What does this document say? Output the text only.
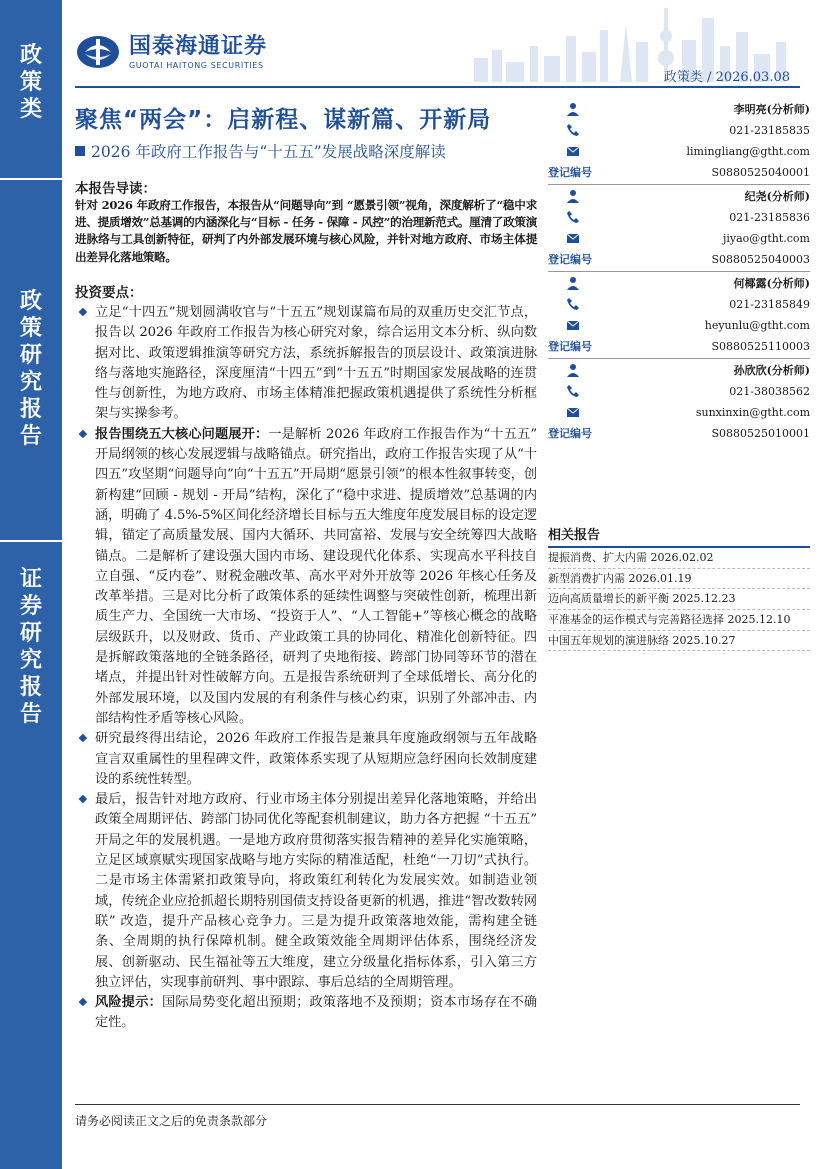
政
策
类
政
策
研
究
报
告
证
券
研
究
报
告
国泰海通证券
GUOTAI HAITONG SECURITIES
政策类 / 2026.03.08
聚焦“两会”：启新程、谋新篇、开新局
2026 年政府工作报告与“十五五”发展战略深度解读
本报告导读：
针对 2026 年政府工作报告，本报告从“问题导向”到 “愿景引领”视角，深度解析了“稳中求进、提质增效”总基调的内涵深化与“目标 - 任务 - 保障 - 风控”的治理新范式。厘清了政策演进脉络与工具创新特征，研判了内外部发展环境与核心风险，并针对地方政府、市场主体提出差异化落地策略。
投资要点：
立足“十四五”规划圆满收官与“十五五”规划谋篇布局的双重历史交汇节点，报告以 2026 年政府工作报告为核心研究对象，综合运用文本分析、纵向数据对比、政策逻辑推演等研究方法，系统拆解报告的顶层设计、政策演进脉络与落地实施路径，深度厘清“十四五”到“十五五”时期国家发展战略的连贯性与创新性，为地方政府、市场主体精准把握政策机遇提供了系统性分析框架与实操参考。
报告围绕五大核心问题展开：一是解析 2026 年政府工作报告作为“十五五” 开局纲领的核心发展逻辑与战略锚点。研究指出，政府工作报告实现了从“十四五”攻坚期“问题导向”向“十五五”开局期“愿景引领”的根本性叙事转变，创新构建“回顾 - 规划 - 开局”结构，深化了“稳中求进、提质增效”总基调的内涵，明确了 4.5%-5%区间化经济增长目标与五大维度年度发展目标的设定逻辑，锚定了高质量发展、国内大循环、共同富裕、发展与安全统筹四大战略锚点。二是解析了建设强大国内市场、建设现代化体系、实现高水平科技自立自强、“反内卷”、财税金融改革、高水平对外开放等 2026 年核心任务及改革举措。三是对比分析了政策体系的延续性调整与突破性创新，梳理出新质生产力、全国统一大市场、“投资于人”、“人工智能+”等核心概念的战略层级跃升，以及财政、货币、产业政策工具的协同化、精准化创新特征。四是拆解政策落地的全链条路径，研判了央地衔接、跨部门协同等环节的潜在堵点，并提出针对性破解方向。五是报告系统研判了全球低增长、高分化的外部发展环境，以及国内发展的有利条件与核心约束，识别了外部冲击、内部结构性矛盾等核心风险。
研究最终得出结论，2026 年政府工作报告是兼具年度施政纲领与五年战略宣言双重属性的里程碑文件，政策体系实现了从短期应急纾困向长效制度建设的系统性转型。
最后，报告针对地方政府、行业市场主体分别提出差异化落地策略，并给出政策全周期评估、跨部门协同优化等配套机制建议，助力各方把握 “十五五” 开局之年的发展机遇。一是地方政府贯彻落实报告精神的差异化实施策略，立足区域禀赋实现国家战略与地方实际的精准适配，杜绝“一刀切”式执行。二是市场主体需紧扣政策导向，将政策红利转化为发展实效。如制造业领域，传统企业应抢抓超长期特别国债支持设备更新的机遇，推进“智改数转网联” 改造，提升产品核心竞争力。三是为提升政策落地效能，需构建全链条、全周期的执行保障机制。健全政策效能全周期评估体系，围绕经济发展、创新驱动、民生福祉等五大维度，建立分级量化指标体系，引入第三方独立评估，实现事前研判、事中跟踪、事后总结的全周期管理。
风险提示：国际局势变化超出预期；政策落地不及预期；资本市场存在不确定性。
李明亮(分析师)
021-23185835
limingliang@gtht.com
登记编号	S0880525040001
纪尧(分析师)
021-23185836
jiyao@gtht.com
登记编号	S0880525040003
何椰露(分析师)
021-23185849
heyunlu@gtht.com
登记编号	S0880525110003
孙欣欣(分析师)
021-38038562
sunxinxin@gtht.com
登记编号	S0880525010001
相关报告
提振消费、扩大内需 2026.02.02
新型消费扩内需 2026.01.19
迈向高质量增长的新平衡 2025.12.23
平准基金的运作模式与完善路径选择 2025.12.10
中国五年规划的演进脉络 2025.10.27
请务必阅读正文之后的免责条款部分
